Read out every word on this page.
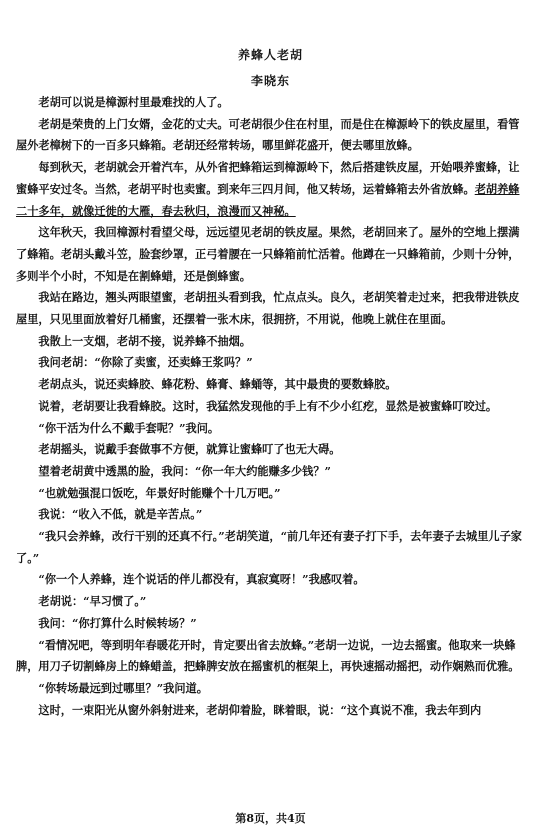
养蜂人老胡
李晓东

老胡可以说是樟源村里最难找的人了。

老胡是荣贵的上门女婿，金花的丈夫。可老胡很少住在村里，而是住在樟源岭下的铁皮屋里，看管屋外老樟树下的一百多只蜂箱。老胡还经常转场，哪里鲜花盛开，便去哪里放蜂。

每到秋天，老胡就会开着汽车，从外省把蜂箱运到樟源岭下，然后搭建铁皮屋，开始喂养蜜蜂，让蜜蜂平安过冬。当然，老胡平时也卖蜜。到来年三四月间，他又转场，运着蜂箱去外省放蜂。老胡养蜂二十多年，就像迁徙的大雁，春去秋归，浪漫而又神秘。

这年秋天，我回樟源村看望父母，远远望见老胡的铁皮屋。果然，老胡回来了。屋外的空地上摆满了蜂箱。老胡头戴斗笠，脸套纱罩，正弓着腰在一只蜂箱前忙活着。他蹲在一只蜂箱前，少则十分钟，多则半个小时，不知是在割蜂蜡，还是倒蜂蜜。

我站在路边，翘头两眼望蜜，老胡扭头看到我，忙点点头。良久，老胡笑着走过来，把我带进铁皮屋里，只见里面放着好几桶蜜，还摆着一张木床，很拥挤，不用说，他晚上就住在里面。

我散上一支烟，老胡不接，说养蜂不抽烟。

我问老胡：“你除了卖蜜，还卖蜂王浆吗？”

老胡点头，说还卖蜂胶、蜂花粉、蜂膏、蜂蛹等，其中最贵的要数蜂胶。

说着，老胡要让我看蜂胶。这时，我猛然发现他的手上有不少小红疙，显然是被蜜蜂叮咬过。

“你干活为什么不戴手套呢？”我问。

老胡摇头，说戴手套做事不方便，就算让蜜蜂叮了也无大碍。

望着老胡黄中透黑的脸，我问：“你一年大约能赚多少钱？”

“也就勉强混口饭吃，年景好时能赚个十几万吧。”

我说：“收入不低，就是辛苦点。”

“我只会养蜂，改行干别的还真不行。”老胡笑道，“前几年还有妻子打下手，去年妻子去城里儿子家了。”

“你一个人养蜂，连个说话的伴儿都没有，真寂寞呀！”我感叹着。

老胡说：“早习惯了。”

我问：“你打算什么时候转场？”

“看情况吧，等到明年春暖花开时，肯定要出省去放蜂。”老胡一边说，一边去摇蜜。他取来一块蜂脾，用刀子切割蜂房上的蜂蜡盖，把蜂脾安放在摇蜜机的框架上，再快速摇动摇把，动作娴熟而优雅。

“你转场最远到过哪里？”我问道。

这时，一束阳光从窗外斜射进来，老胡仰着脸，眯着眼，说：“这个真说不准，我去年到内

第8页，共4页
